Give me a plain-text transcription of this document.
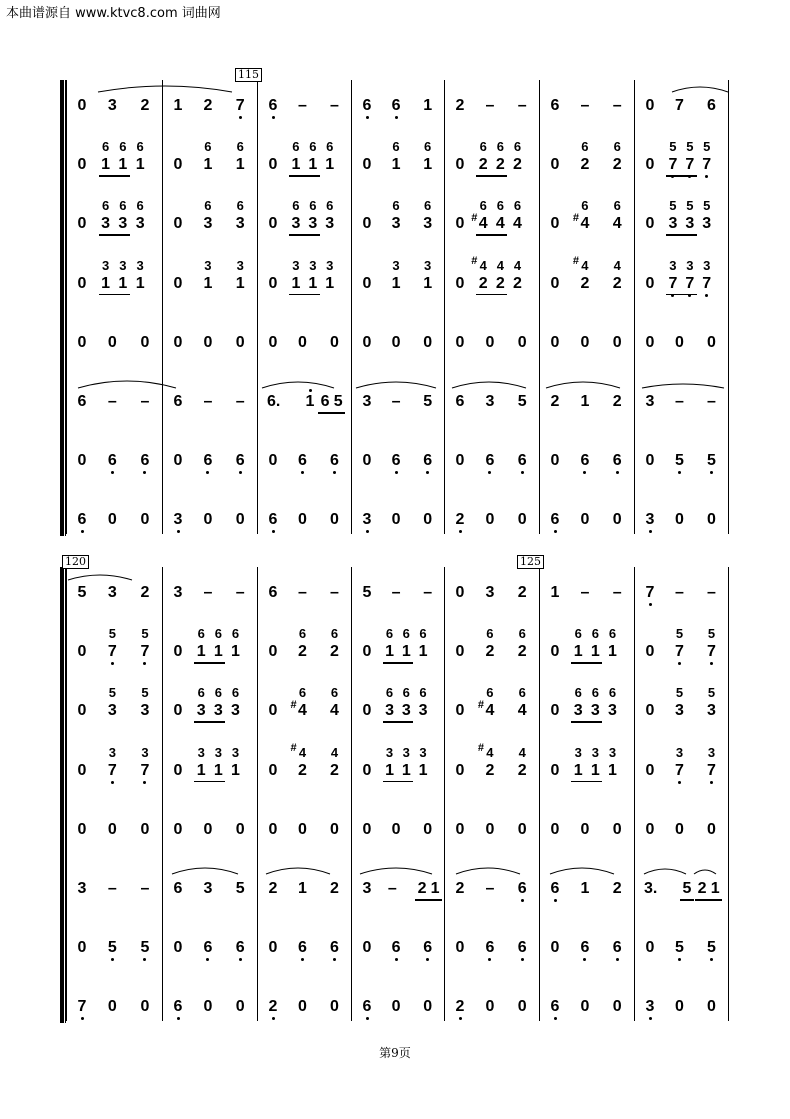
本曲谱源自 www.ktvc8.com 词曲网
第9页
115
0 3 2 1 2 7 6 – – 6 6 1 2 – – 6 – – 0 7 6
0 1
6
1
6
1
6
0 1
6
1
6
0 1
6
1
6
1
6
0 1
6
1
6
0 2
6
2
6
2
6
0 2
6
2
6
0 7
5
7
5
7
5
0 3
6
3
6
3
6
0 3
6
3
6
0 3
6
3
6
3
6
0 3
6
3
6
0 4
#
6
4
6
4
6
0 4
#
6
4
6
0 3
5
3
5
3
5
0 1
3
1
3
1
3
0 1
3
1
3
0 1
3
1
3
1
3
0 1
3
1
3
0 2
4
#
2
4
2
4
0 2
4
#
2
4
0 7
3
7
3
7
3
0 0 0 0 0 0 0 0 0 0 0 0 0 0 0 0 0 0 0 0 0
6 – – 6 – – 6. 1 6 5 3 – 5 6 3 5 2 1 2 3 – –
0 6 6 0 6 6 0 6 6 0 6 6 0 6 6 0 6 6 0 5 5
6 0 0 3 0 0 6 0 0 3 0 0 2 0 0 6 0 0 3 0 0
120	125
5 3 2 3 – – 6 – – 5 – – 0 3 2 1 – – 7 – –
0 7
5
7
5
0 1
6
1
6
1
6
0 2
6
2
6
0 1
6
1
6
1
6
0 2
6
2
6
0 1
6
1
6
1
6
0 7
5
7
5
0 3
5
3
5
0 3
6
3
6
3
6
0 4
#
6
4
6
0 3
6
3
6
3
6
0 4
#
6
4
6
0 3
6
3
6
3
6
0 3
5
3
5
0 7
3
7
3
0 1
3
1
3
1
3
0 2
4
#
2
4
0 1
3
1
3
1
3
0 2
4
#
2
4
0 1
3
1
3
1
3
0 7
3
7
3
0 0 0 0 0 0 0 0 0 0 0 0 0 0 0 0 0 0 0 0 0
3 – – 6 3 5 2 1 2 3 – 2 1 2 – 6 6 1 2 3. 5 2 1
0 5 5 0 6 6 0 6 6 0 6 6 0 6 6 0 6 6 0 5 5
7 0 0 6 0 0 2 0 0 6 0 0 2 0 0 6 0 0 3 0 0
